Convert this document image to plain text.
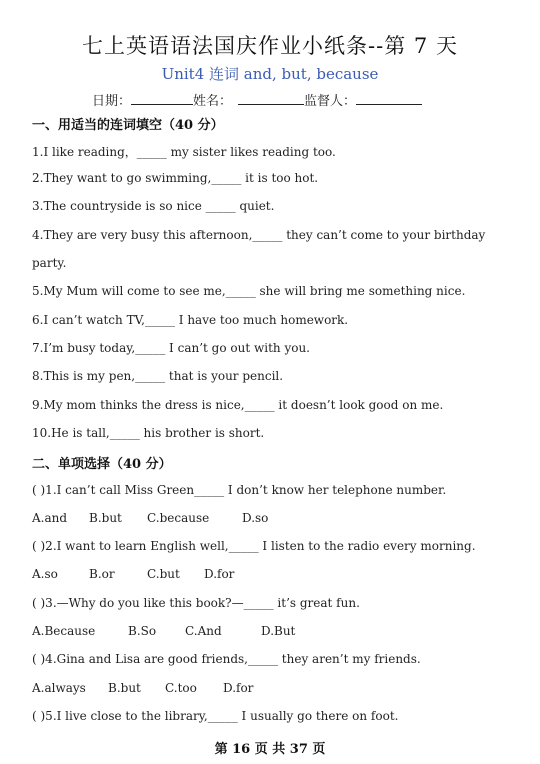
七上英语语法国庆作业小纸条--第 7 天
Unit4 连词 and, but, because
日期：	姓名：	监督人：
一、用适当的连词填空（40 分）
1.I like reading，_____ my sister likes reading too.
2.They want to go swimming,_____ it is too hot.
3.The countryside is so nice _____ quiet.
4.They are very busy this afternoon,_____ they can’t come to your birthday
party.
5.My Mum will come to see me,_____ she will bring me something nice.
6.I can’t watch TV,_____ I have too much homework.
7.I’m busy today,_____ I can’t go out with you.
8.This is my pen,_____ that is your pencil.
9.My mom thinks the dress is nice,_____ it doesn’t look good on me.
10.He is tall,_____ his brother is short.
二、单项选择（40 分）
( )1.I can’t call Miss Green_____ I don’t know her telephone number.
A.and B.but C.because	D.so
( )2.I want to learn English well,_____ I listen to the radio every morning.
A.so	B.or	C.but D.for
( )3.—Why do you like this book?—_____ it’s great fun.
A.Because	B.So C.And	D.But
( )4.Gina and Lisa are good friends,_____ they aren’t my friends.
A.always B.but C.too D.for
( )5.I live close to the library,_____ I usually go there on foot.
第 16 页 共 37 页
